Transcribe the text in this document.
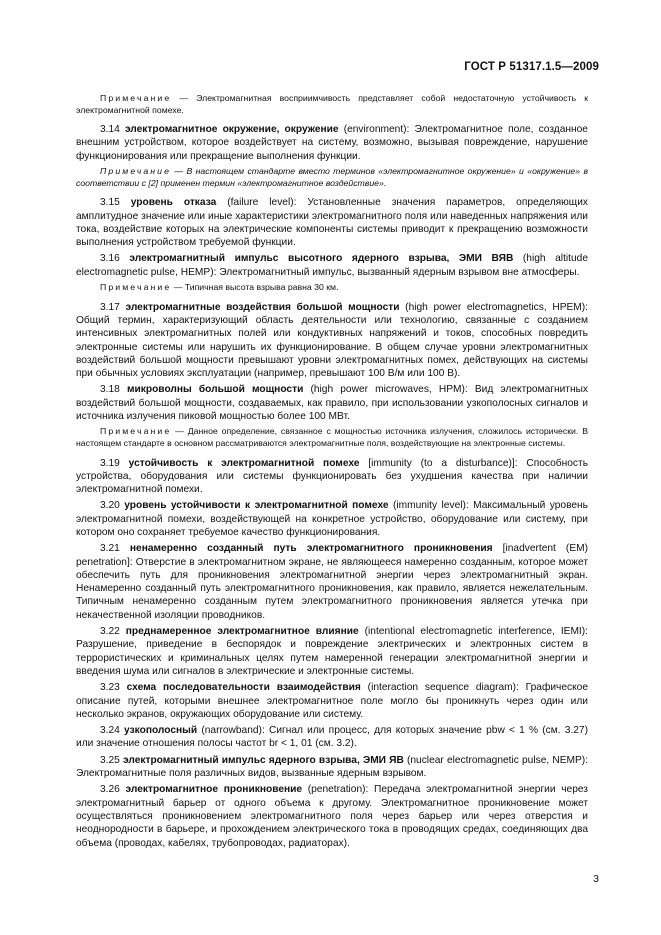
ГОСТ Р 51317.1.5—2009

Примечание — Электромагнитная восприимчивость представляет собой недостаточную устойчивость к электромагнитной помехе.

3.14 электромагнитное окружение, окружение (environment): Электромагнитное поле, созданное внешним устройством, которое воздействует на систему, возможно, вызывая повреждение, нарушение функционирования или прекращение выполнения функции.

Примечание — В настоящем стандарте вместо терминов «электромагнитное окружение» и «окружение» в соответствии с [2] применен термин «электромагнитное воздействие».

3.15 уровень отказа (failure level): Установленные значения параметров, определяющих амплитудное значение или иные характеристики электромагнитного поля или наведенных напряжения или тока, воздействие которых на электрические компоненты системы приводит к прекращению возможности выполнения устройством требуемой функции.

3.16 электромагнитный импульс высотного ядерного взрыва, ЭМИ ВЯВ (high altitude electromagnetic pulse, HEMP): Электромагнитный импульс, вызванный ядерным взрывом вне атмосферы.

Примечание — Типичная высота взрыва равна 30 км.

3.17 электромагнитные воздействия большой мощности (high power electromagnetics, HPEM): Общий термин, характеризующий область деятельности или технологию, связанные с созданием интенсивных электромагнитных полей или кондуктивных напряжений и токов, способных повредить электронные системы или нарушить их функционирование. В общем случае уровни электромагнитных воздействий большой мощности превышают уровни электромагнитных помех, действующих на системы при обычных условиях эксплуатации (например, превышают 100 В/м или 100 В).

3.18 микроволны большой мощности (high power microwaves, HPM): Вид электромагнитных воздействий большой мощности, создаваемых, как правило, при использовании узкополосных сигналов и источника излучения пиковой мощностью более 100 МВт.

Примечание — Данное определение, связанное с мощностью источника излучения, сложилось исторически. В настоящем стандарте в основном рассматриваются электромагнитные поля, воздействующие на электронные системы.

3.19 устойчивость к электромагнитной помехе [immunity (to a disturbance)]: Способность устройства, оборудования или системы функционировать без ухудшения качества при наличии электромагнитной помехи.

3.20 уровень устойчивости к электромагнитной помехе (immunity level): Максимальный уровень электромагнитной помехи, воздействующей на конкретное устройство, оборудование или систему, при котором оно сохраняет требуемое качество функционирования.

3.21 ненамеренно созданный путь электромагнитного проникновения [inadvertent (EM) penetration]: Отверстие в электромагнитном экране, не являющееся намеренно созданным, которое может обеспечить путь для проникновения электромагнитной энергии через электромагнитный экран. Ненамеренно созданный путь электромагнитного проникновения, как правило, является нежелательным. Типичным ненамеренно созданным путем электромагнитного проникновения является утечка при некачественной изоляции проводников.

3.22 преднамеренное электромагнитное влияние (intentional electromagnetic interference, IEMI): Разрушение, приведение в беспорядок и повреждение электрических и электронных систем в террористических и криминальных целях путем намеренной генерации электромагнитной энергии и введения шума или сигналов в электрические и электронные системы.

3.23 схема последовательности взаимодействия (interaction sequence diagram): Графическое описание путей, которыми внешнее электромагнитное поле могло бы проникнуть через один или несколько экранов, окружающих оборудование или систему.

3.24 узкополосный (narrowband): Сигнал или процесс, для которых значение pbw < 1 % (см. 3.27) или значение отношения полосы частот br < 1, 01 (см. 3.2).

3.25 электромагнитный импульс ядерного взрыва, ЭМИ ЯВ (nuclear electromagnetic pulse, NEMP): Электромагнитные поля различных видов, вызванные ядерным взрывом.

3.26 электромагнитное проникновение (penetration): Передача электромагнитной энергии через электромагнитный барьер от одного объема к другому. Электромагнитное проникновение может осуществляться проникновением электромагнитного поля через барьер или через отверстия и неоднородности в барьере, и прохождением электрического тока в проводящих средах, соединяющих два объема (проводах, кабелях, трубопроводах, радиаторах).

3
